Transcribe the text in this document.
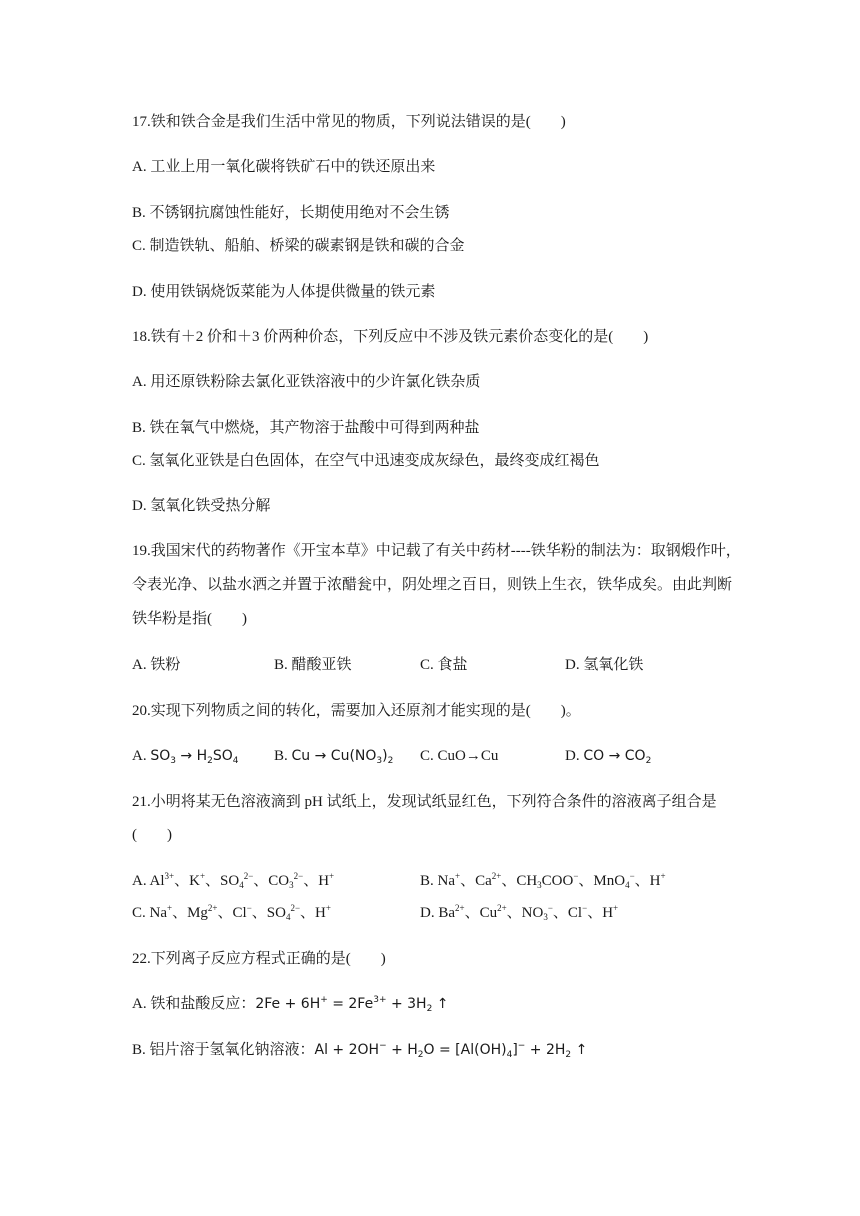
17.铁和铁合金是我们生活中常见的物质，下列说法错误的是(　　)
A. 工业上用一氧化碳将铁矿石中的铁还原出来
B. 不锈钢抗腐蚀性能好，长期使用绝对不会生锈
C. 制造铁轨、船舶、桥梁的碳素钢是铁和碳的合金
D. 使用铁锅烧饭菜能为人体提供微量的铁元素
18.铁有＋2 价和＋3 价两种价态，下列反应中不涉及铁元素价态变化的是(　　)
A. 用还原铁粉除去氯化亚铁溶液中的少许氯化铁杂质
B. 铁在氧气中燃烧，其产物溶于盐酸中可得到两种盐
C. 氢氧化亚铁是白色固体，在空气中迅速变成灰绿色，最终变成红褐色
D. 氢氧化铁受热分解
19.我国宋代的药物著作《开宝本草》中记载了有关中药材----铁华粉的制法为：取钢煅作叶，
令表光净、以盐水洒之并置于浓醋瓮中，阴处埋之百日，则铁上生衣，铁华成矣。由此判断
铁华粉是指(　　)
A. 铁粉	B. 醋酸亚铁	C. 食盐	D. 氢氧化铁
20.实现下列物质之间的转化，需要加入还原剂才能实现的是(　　)。
A. $SO_3 \to H_2SO_4$ B. $Cu \to Cu(NO_3)_2$ C. CuO→Cu	D. CO → $CO_2$
21.小明将某无色溶液滴到 pH 试纸上，发现试纸显红色，下列符合条件的溶液离子组合是
(　　)
A. $Al^{3+}$、K+、$SO_4^{2-}$、$CO_3^{2-}$、H+	B. Na+、$Ca^{2+}$、$CH_3COO^-$、MnO$_4$−、H+
C. Na+、$Mg^{2+}$、Cl−、$SO_4^{2-}$、H+	D. $Ba^{2+}$、$Cu^{2+}$、$NO_3^-$、Cl−、H+
22.下列离子反应方程式正确的是(　　)
A. 铁和盐酸反应：$2Fe + 6H^+ = 2Fe^{3+} + 3H_2$ ↑
B. 铝片溶于氢氧化钠溶液：$Al + 2OH^- + H_2O = [Al(OH)_4]^- + 2H_2$ ↑
